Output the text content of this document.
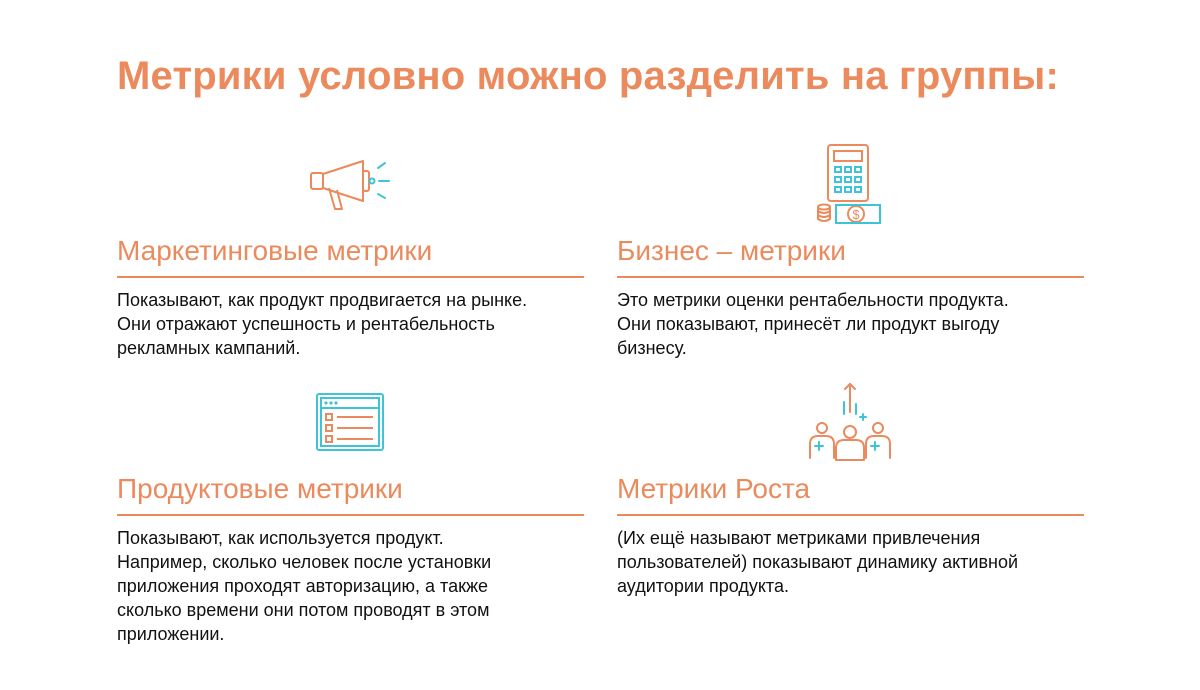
Метрики условно можно разделить на группы:
Маркетинговые метрики
Показывают, как продукт продвигается на рынке.
Они отражают успешность и рентабельность
рекламных кампаний.
$
Бизнес – метрики
Это метрики оценки рентабельности продукта.
Они показывают, принесёт ли продукт выгоду
бизнесу.
Продуктовые метрики
Показывают, как используется продукт.
Например, сколько человек после установки
приложения проходят авторизацию, а также
сколько времени они потом проводят в этом
приложении.
Метрики Роста
(Их ещё называют метриками привлечения
пользователей) показывают динамику активной
аудитории продукта.
